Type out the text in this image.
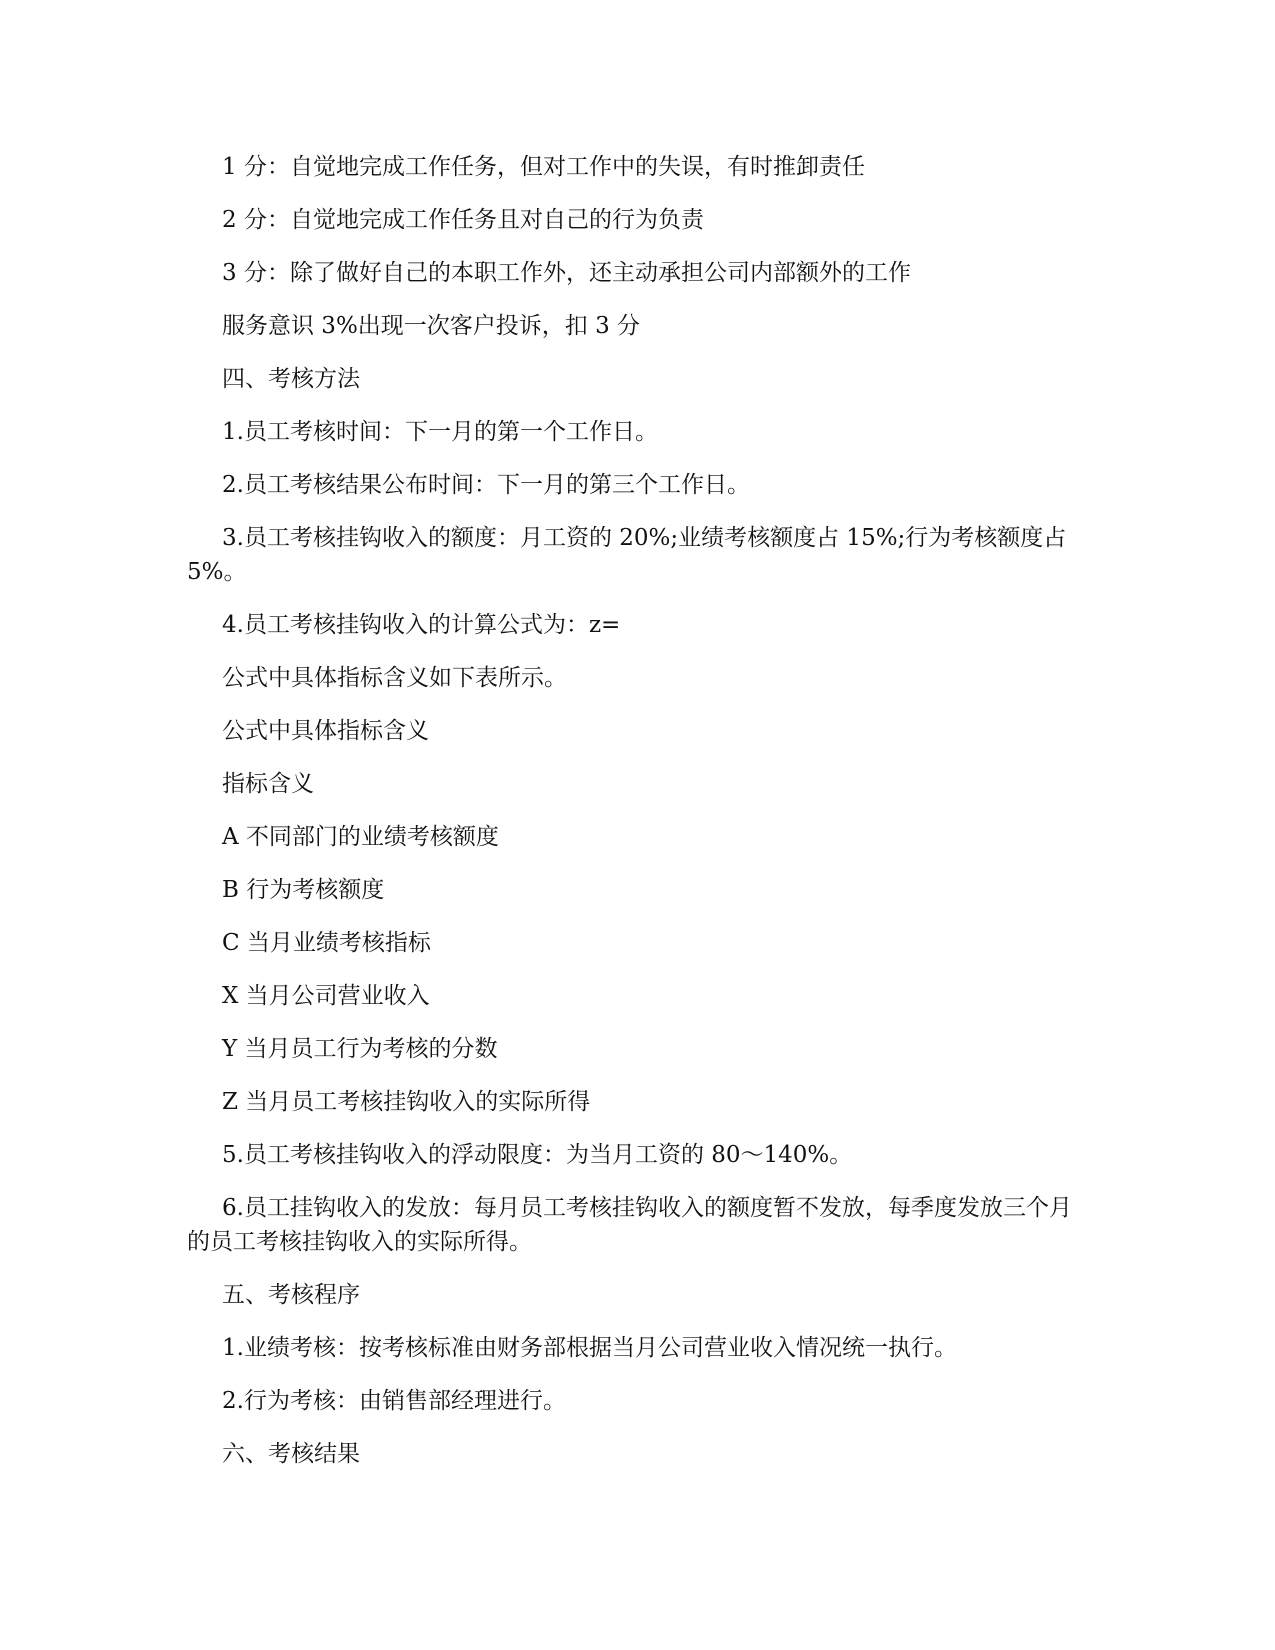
1 分：自觉地完成工作任务，但对工作中的失误，有时推卸责任

2 分：自觉地完成工作任务且对自己的行为负责

3 分：除了做好自己的本职工作外，还主动承担公司内部额外的工作

服务意识 3%出现一次客户投诉，扣 3 分

四、考核方法

1.员工考核时间：下一月的第一个工作日。

2.员工考核结果公布时间：下一月的第三个工作日。

3.员工考核挂钩收入的额度：月工资的 20%;业绩考核额度占 15%;行为考核额度占 5%。

4.员工考核挂钩收入的计算公式为：z=

公式中具体指标含义如下表所示。

公式中具体指标含义

指标含义

A 不同部门的业绩考核额度

B 行为考核额度

C 当月业绩考核指标

X 当月公司营业收入

Y 当月员工行为考核的分数

Z 当月员工考核挂钩收入的实际所得

5.员工考核挂钩收入的浮动限度：为当月工资的 80～140%。

6.员工挂钩收入的发放：每月员工考核挂钩收入的额度暂不发放，每季度发放三个月的员工考核挂钩收入的实际所得。

五、考核程序

1.业绩考核：按考核标准由财务部根据当月公司营业收入情况统一执行。

2.行为考核：由销售部经理进行。

六、考核结果
